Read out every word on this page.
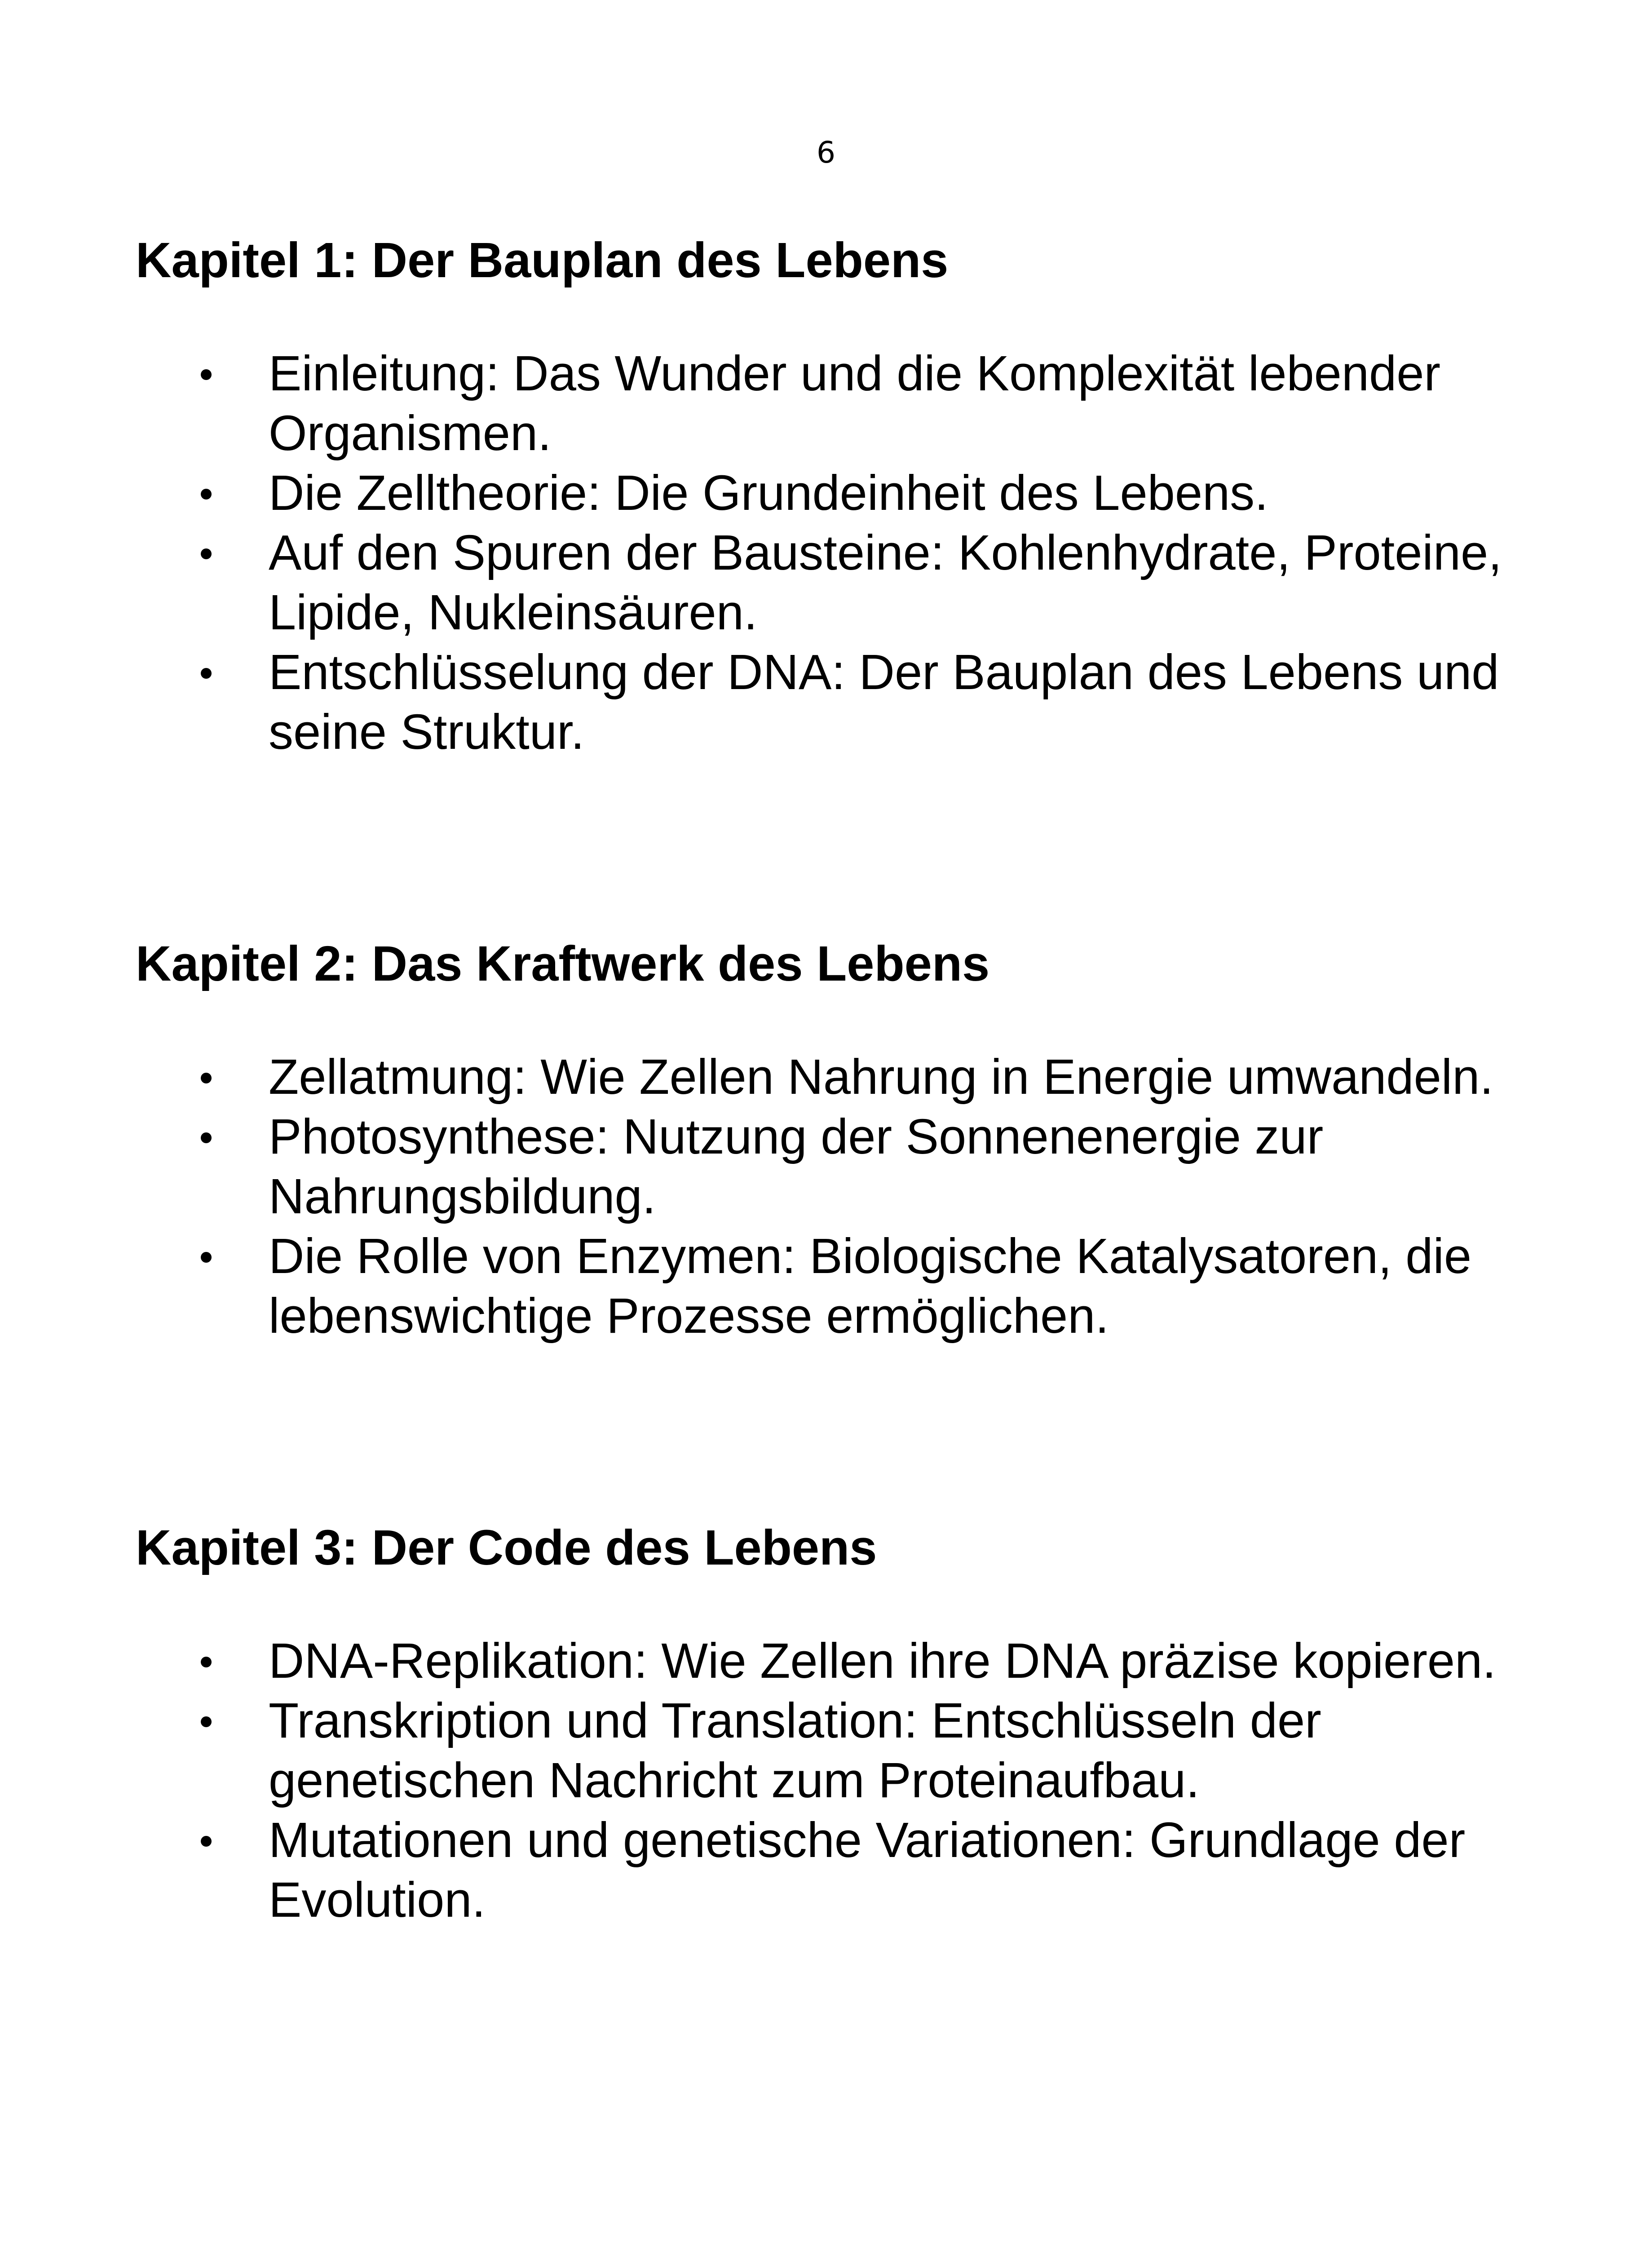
6
Kapitel 1: Der Bauplan des Lebens
Einleitung: Das Wunder und die Komplexität lebender Organismen.
Die Zelltheorie: Die Grundeinheit des Lebens.
Auf den Spuren der Bausteine: Kohlenhydrate, Proteine, Lipide, Nukleinsäuren.
Entschlüsselung der DNA: Der Bauplan des Lebens und seine Struktur.
Kapitel 2: Das Kraftwerk des Lebens
Zellatmung: Wie Zellen Nahrung in Energie umwandeln.
Photosynthese: Nutzung der Sonnenenergie zur Nahrungsbildung.
Die Rolle von Enzymen: Biologische Katalysatoren, die lebenswichtige Prozesse ermöglichen.
Kapitel 3: Der Code des Lebens
DNA-Replikation: Wie Zellen ihre DNA präzise kopieren.
Transkription und Translation: Entschlüsseln der genetischen Nachricht zum Proteinaufbau.
Mutationen und genetische Variationen: Grundlage der Evolution.
